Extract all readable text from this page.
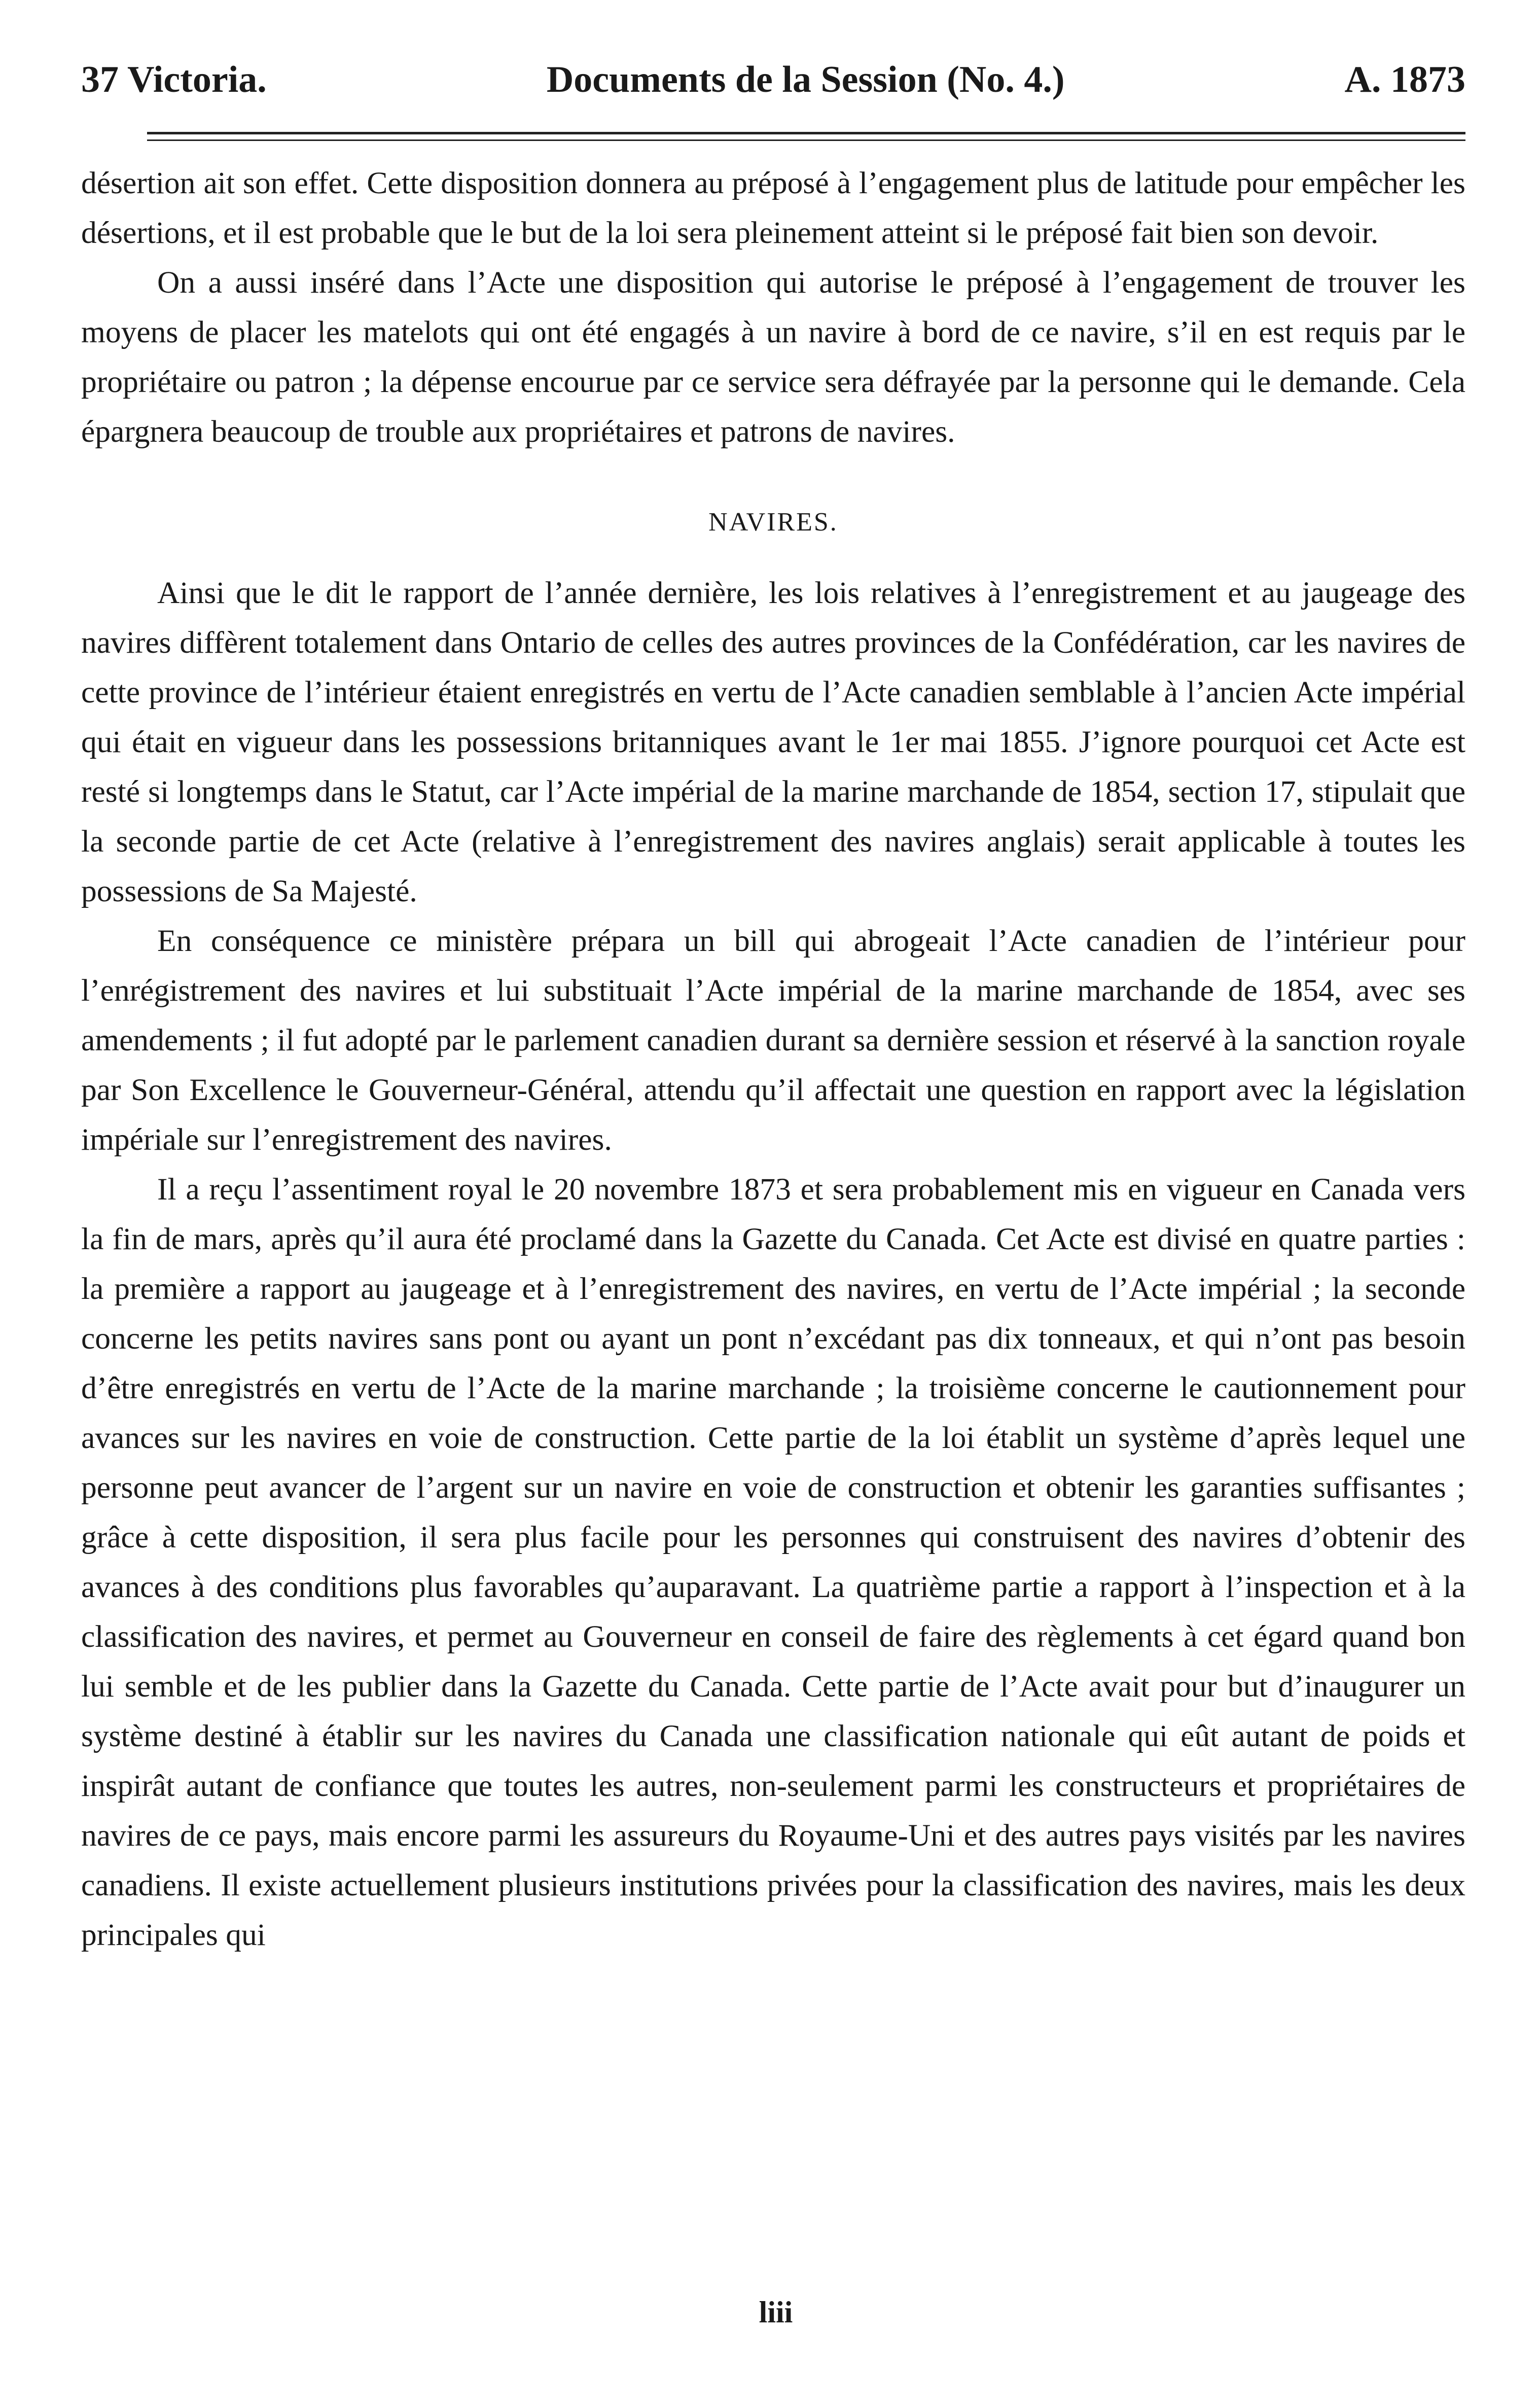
37 Victoria.	Documents de la Session (No. 4.)	A. 1873

désertion ait son effet. Cette disposition donnera au préposé à l’engagement plus de latitude pour empêcher les désertions, et il est probable que le but de la loi sera pleinement atteint si le préposé fait bien son devoir.

On a aussi inséré dans l’Acte une disposition qui autorise le préposé à l’engagement de trouver les moyens de placer les matelots qui ont été engagés à un navire à bord de ce navire, s’il en est requis par le propriétaire ou patron ; la dépense encourue par ce service sera défrayée par la personne qui le demande. Cela épargnera beaucoup de trouble aux propriétaires et patrons de navires.

NAVIRES.

Ainsi que le dit le rapport de l’année dernière, les lois relatives à l’enregistrement et au jaugeage des navires diffèrent totalement dans Ontario de celles des autres provinces de la Confédération, car les navires de cette province de l’intérieur étaient enregistrés en vertu de l’Acte canadien semblable à l’ancien Acte impérial qui était en vigueur dans les possessions britanniques avant le 1er mai 1855. J’ignore pourquoi cet Acte est resté si longtemps dans le Statut, car l’Acte impérial de la marine marchande de 1854, section 17, stipulait que la seconde partie de cet Acte (relative à l’enregistrement des navires anglais) serait applicable à toutes les possessions de Sa Majesté.

En conséquence ce ministère prépara un bill qui abrogeait l’Acte canadien de l’intérieur pour l’enrégistrement des navires et lui substituait l’Acte impérial de la marine marchande de 1854, avec ses amendements ; il fut adopté par le parlement canadien durant sa dernière session et réservé à la sanction royale par Son Excellence le Gouverneur-Général, attendu qu’il affectait une question en rapport avec la législation impériale sur l’enregistrement des navires.

Il a reçu l’assentiment royal le 20 novembre 1873 et sera probablement mis en vigueur en Canada vers la fin de mars, après qu’il aura été proclamé dans la Gazette du Canada. Cet Acte est divisé en quatre parties : la première a rapport au jaugeage et à l’enregistrement des navires, en vertu de l’Acte impérial ; la seconde concerne les petits navires sans pont ou ayant un pont n’excédant pas dix tonneaux, et qui n’ont pas besoin d’être enregistrés en vertu de l’Acte de la marine marchande ; la troisième concerne le cautionnement pour avances sur les navires en voie de construction. Cette partie de la loi établit un système d’après lequel une personne peut avancer de l’argent sur un navire en voie de construction et obtenir les garanties suffisantes ; grâce à cette disposition, il sera plus facile pour les personnes qui construisent des navires d’obtenir des avances à des conditions plus favorables qu’auparavant. La quatrième partie a rapport à l’inspection et à la classification des navires, et permet au Gouverneur en conseil de faire des règlements à cet égard quand bon lui semble et de les publier dans la Gazette du Canada. Cette partie de l’Acte avait pour but d’inaugurer un système destiné à établir sur les navires du Canada une classification nationale qui eût autant de poids et inspirât autant de confiance que toutes les autres, non-seulement parmi les constructeurs et propriétaires de navires de ce pays, mais encore parmi les assureurs du Royaume-Uni et des autres pays visités par les navires canadiens. Il existe actuellement plusieurs institutions privées pour la classification des navires, mais les deux principales qui

liii
